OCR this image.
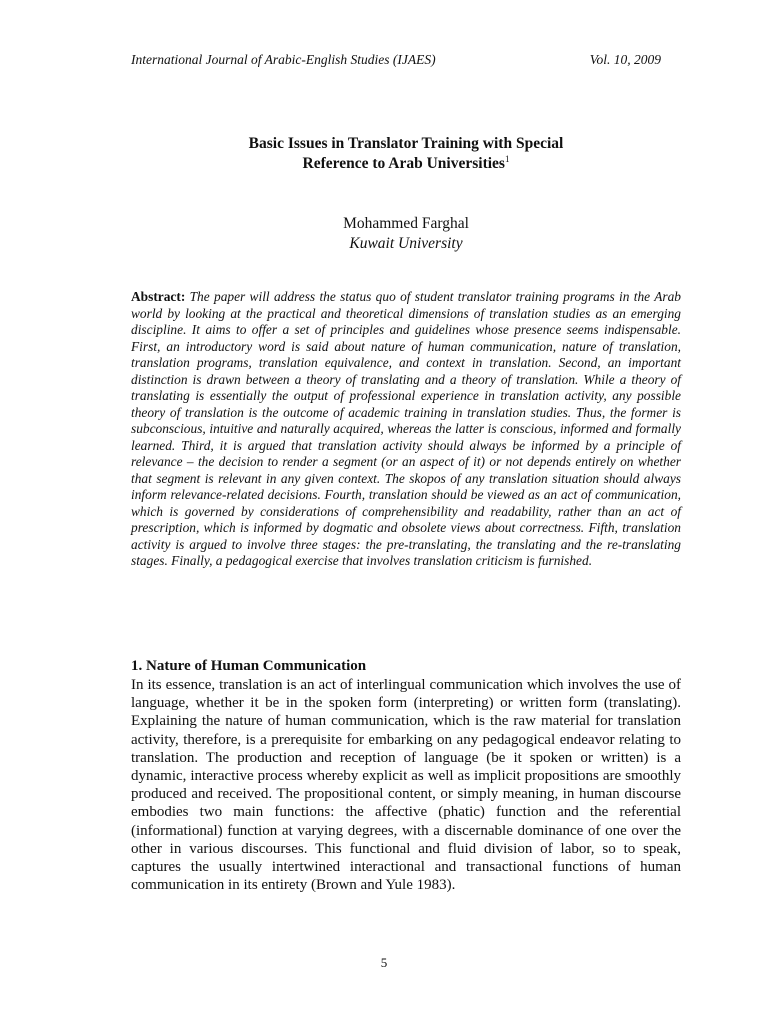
International Journal of Arabic-English Studies (IJAES)	Vol. 10, 2009
Basic Issues in Translator Training with Special
Reference to Arab Universities$^1$
Mohammed Farghal
Kuwait University
Abstract: The paper will address the status quo of student translator training programs in the Arab world by looking at the practical and theoretical dimensions of translation studies as an emerging discipline. It aims to offer a set of principles and guidelines whose presence seems indispensable. First, an introductory word is said about nature of human communication, nature of translation, translation programs, translation equivalence, and context in translation. Second, an important distinction is drawn between a theory of translating and a theory of translation. While a theory of translating is essentially the output of professional experience in translation activity, any possible theory of translation is the outcome of academic training in translation studies. Thus, the former is subconscious, intuitive and naturally acquired, whereas the latter is conscious, informed and formally learned. Third, it is argued that translation activity should always be informed by a principle of relevance – the decision to render a segment (or an aspect of it) or not depends entirely on whether that segment is relevant in any given context. The skopos of any translation situation should always inform relevance-related decisions. Fourth, translation should be viewed as an act of communication, which is governed by considerations of comprehensibility and readability, rather than an act of prescription, which is informed by dogmatic and obsolete views about correctness. Fifth, translation activity is argued to involve three stages: the pre-translating, the translating and the re-translating stages. Finally, a pedagogical exercise that involves translation criticism is furnished.
1. Nature of Human Communication
In its essence, translation is an act of interlingual communication which involves the use of language, whether it be in the spoken form (interpreting) or written form (translating). Explaining the nature of human communication, which is the raw material for translation activity, therefore, is a prerequisite for embarking on any pedagogical endeavor relating to translation. The production and reception of language (be it spoken or written) is a dynamic, interactive process whereby explicit as well as implicit propositions are smoothly produced and received. The propositional content, or simply meaning, in human discourse embodies two main functions: the affective (phatic) function and the referential (informational) function at varying degrees, with a discernable dominance of one over the other in various discourses. This functional and fluid division of labor, so to speak, captures the usually intertwined interactional and transactional functions of human communication in its entirety (Brown and Yule 1983).
5
